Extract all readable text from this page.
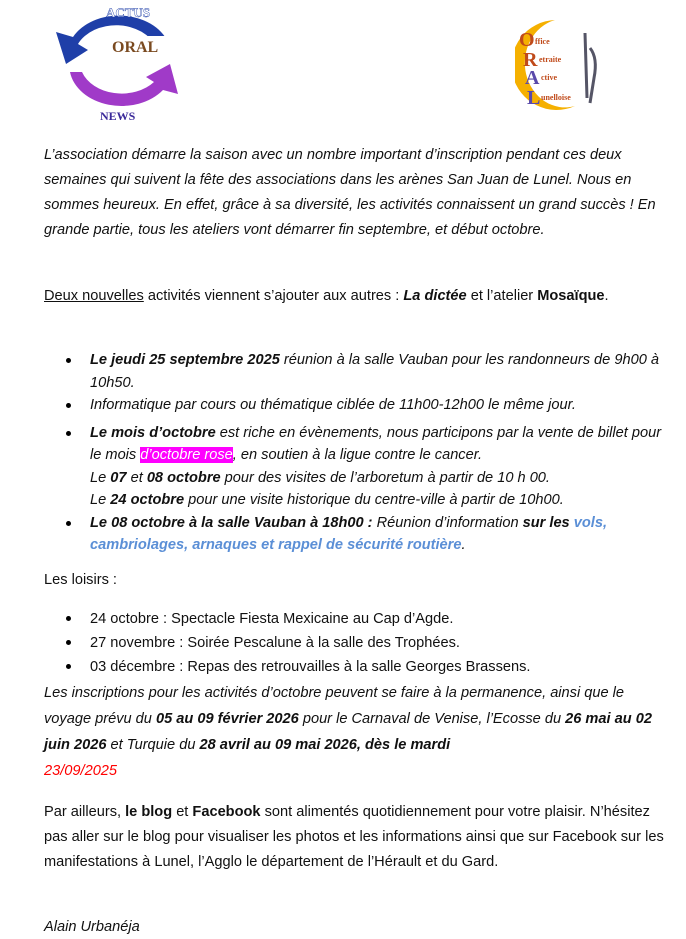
ACTUS
ORAL
NEWS
O
R
A
L
ffice
etraite
ctive
unelloise
L’association démarre la saison avec un nombre important d’inscription pendant ces deux semaines qui suivent la fête des associations dans les arènes San Juan de Lunel. Nous en sommes heureux. En effet, grâce à sa diversité, les activités connaissent un grand succès ! En grande partie, tous les ateliers vont démarrer fin septembre, et début octobre.
Deux nouvelles activités viennent s’ajouter aux autres : La dictée et l’atelier Mosaïque.
Le jeudi 25 septembre 2025 réunion à la salle Vauban pour les randonneurs de 9h00 à 10h50.
Informatique par cours ou thématique ciblée de 11h00-12h00 le même jour.
Le mois d’octobre est riche en évènements, nous participons par la vente de billet pour le mois d’octobre rose, en soutien à la ligue contre le cancer.
Le 07 et 08 octobre pour des visites de l’arboretum à partir de 10 h 00.
Le 24 octobre pour une visite historique du centre-ville à partir de 10h00.
Le 08 octobre à la salle Vauban à 18h00 : Réunion d’information sur les vols, cambriolages, arnaques et rappel de sécurité routière.
Les loisirs :
24 octobre : Spectacle Fiesta Mexicaine au Cap d’Agde.
27 novembre : Soirée Pescalune à la salle des Trophées.
03 décembre : Repas des retrouvailles à la salle Georges Brassens.
Les inscriptions pour les activités d’octobre peuvent se faire à la permanence, ainsi que le voyage prévu du 05 au 09 février 2026 pour le Carnaval de Venise, l’Ecosse du 26 mai au 02 juin 2026 et Turquie du 28 avril au 09 mai 2026, dès le mardi
23/09/2025
Par ailleurs, le blog et Facebook sont alimentés quotidiennement pour votre plaisir. N’hésitez pas aller sur le blog pour visualiser les photos et les informations ainsi que sur Facebook sur les manifestations à Lunel, l’Agglo le département de l’Hérault et du Gard.
Alain Urbanéja
